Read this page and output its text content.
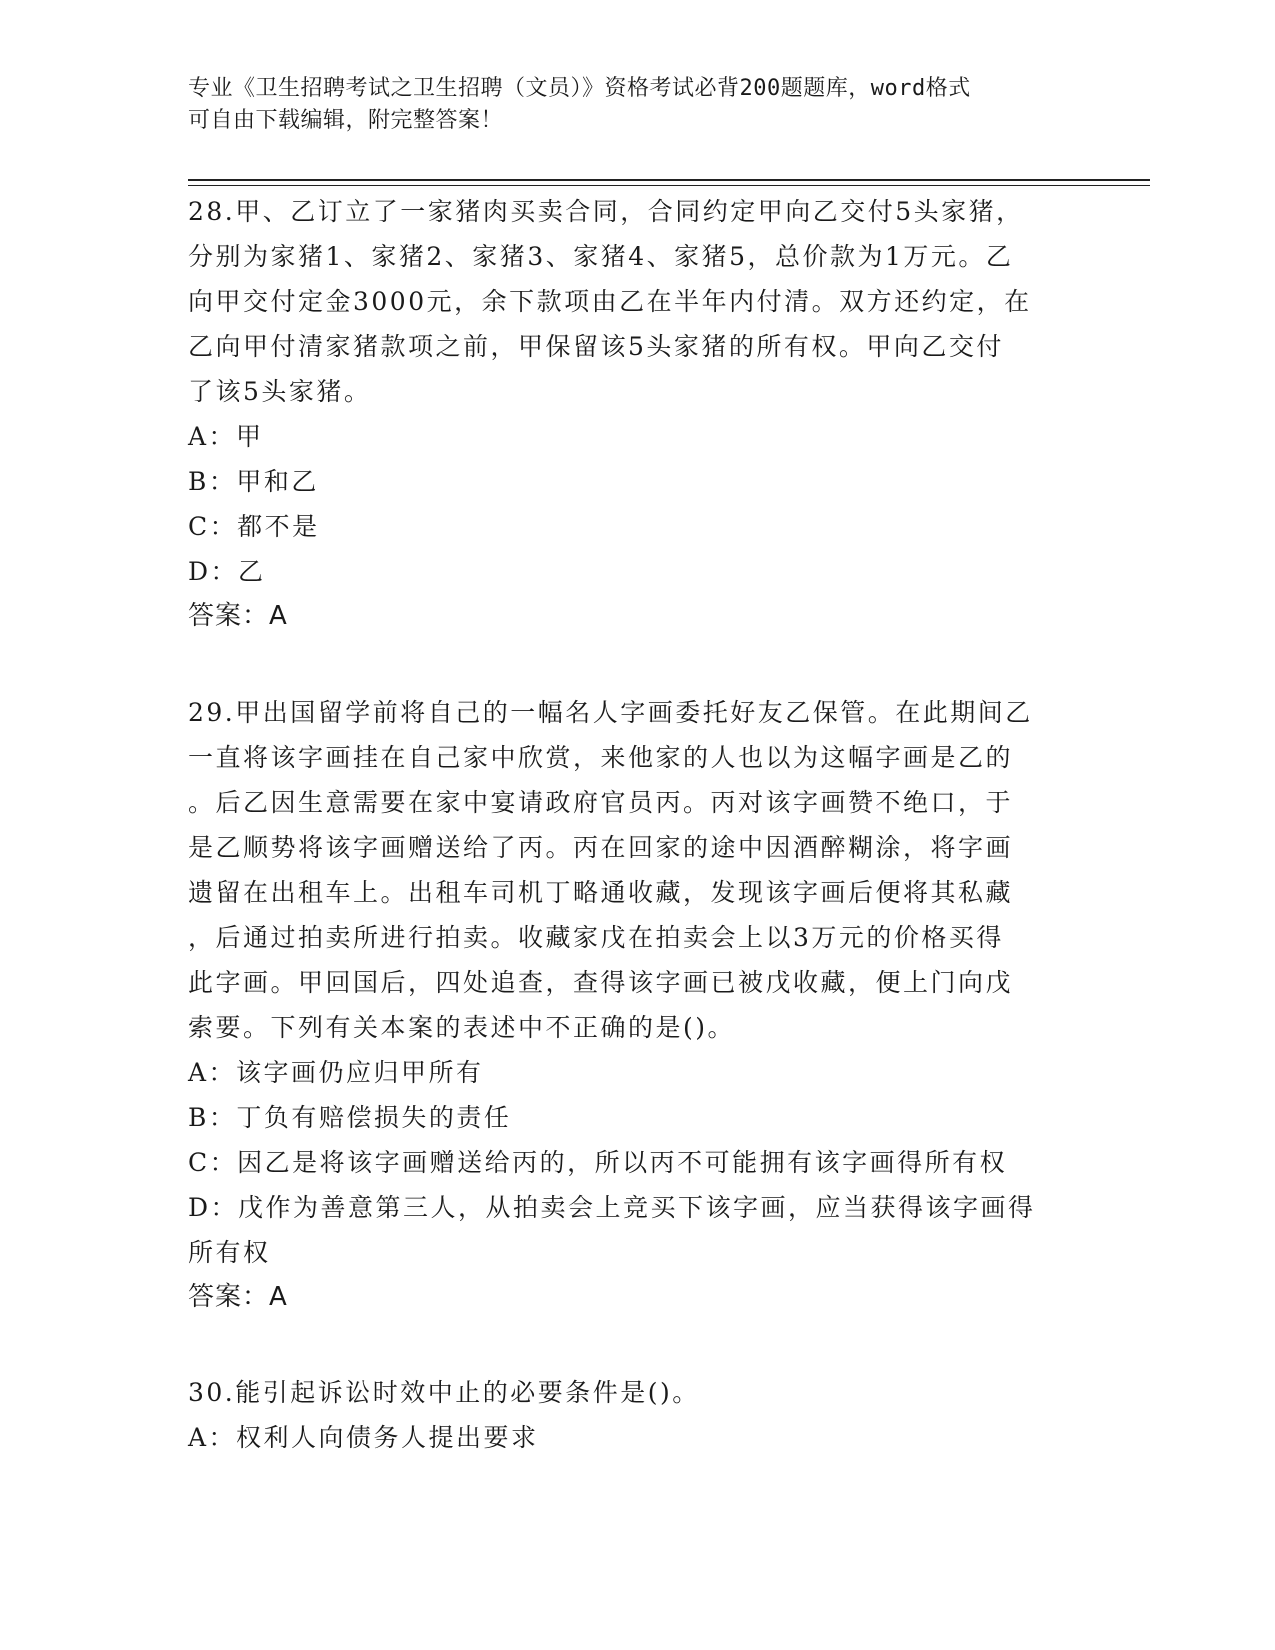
专业《卫生招聘考试之卫生招聘（文员）》资格考试必背200题题库，word格式
可自由下载编辑，附完整答案！
28.甲、乙订立了一家猪肉买卖合同，合同约定甲向乙交付5头家猪，
分别为家猪1、家猪2、家猪3、家猪4、家猪5，总价款为1万元。乙
向甲交付定金3000元，余下款项由乙在半年内付清。双方还约定，在
乙向甲付清家猪款项之前，甲保留该5头家猪的所有权。甲向乙交付
了该5头家猪。
A：甲
B：甲和乙
C：都不是
D：乙
答案：A
29.甲出国留学前将自己的一幅名人字画委托好友乙保管。在此期间乙
一直将该字画挂在自己家中欣赏，来他家的人也以为这幅字画是乙的
。后乙因生意需要在家中宴请政府官员丙。丙对该字画赞不绝口，于
是乙顺势将该字画赠送给了丙。丙在回家的途中因酒醉糊涂，将字画
遗留在出租车上。出租车司机丁略通收藏，发现该字画后便将其私藏
，后通过拍卖所进行拍卖。收藏家戊在拍卖会上以3万元的价格买得
此字画。甲回国后，四处追查，查得该字画已被戊收藏，便上门向戊
索要。下列有关本案的表述中不正确的是()。
A：该字画仍应归甲所有
B：丁负有赔偿损失的责任
C：因乙是将该字画赠送给丙的，所以丙不可能拥有该字画得所有权
D：戊作为善意第三人，从拍卖会上竞买下该字画，应当获得该字画得
所有权
答案：A
30.能引起诉讼时效中止的必要条件是()。
A：权利人向债务人提出要求
